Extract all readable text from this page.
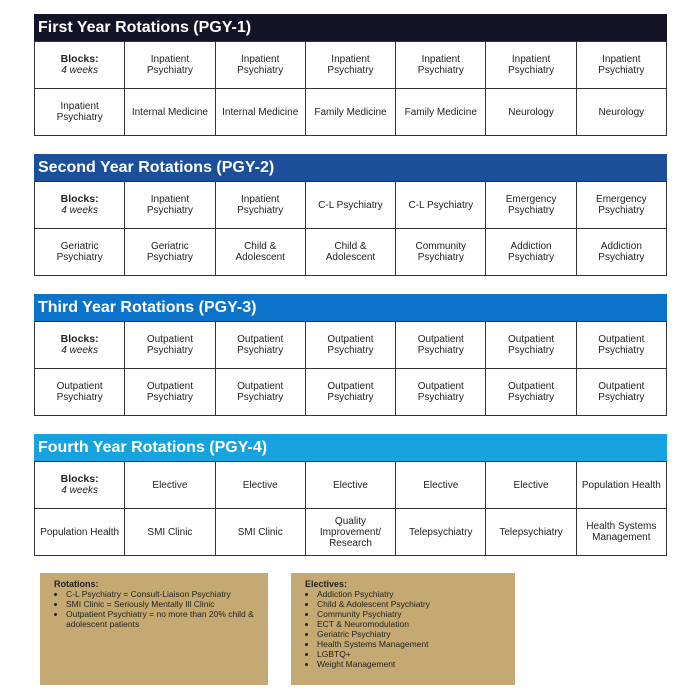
First Year Rotations (PGY-1)
Blocks:
4 weeks	Inpatient Psychiatry	Inpatient Psychiatry	Inpatient Psychiatry	Inpatient Psychiatry	Inpatient Psychiatry	Inpatient Psychiatry
Inpatient Psychiatry	Internal Medicine	Internal Medicine	Family Medicine	Family Medicine	Neurology	Neurology
Second Year Rotations (PGY-2)
Blocks:
4 weeks	Inpatient Psychiatry	Inpatient Psychiatry	C-L Psychiatry	C-L Psychiatry	Emergency Psychiatry	Emergency Psychiatry
Geriatric Psychiatry	Geriatric Psychiatry	Child & Adolescent	Child & Adolescent	Community Psychiatry	Addiction Psychiatry	Addiction Psychiatry
Third Year Rotations (PGY-3)
Blocks:
4 weeks	Outpatient Psychiatry	Outpatient Psychiatry	Outpatient Psychiatry	Outpatient Psychiatry	Outpatient Psychiatry	Outpatient Psychiatry
Outpatient Psychiatry	Outpatient Psychiatry	Outpatient Psychiatry	Outpatient Psychiatry	Outpatient Psychiatry	Outpatient Psychiatry	Outpatient Psychiatry
Fourth Year Rotations (PGY-4)
Blocks:
4 weeks	Elective	Elective	Elective	Elective	Elective	Population Health
Population Health	SMI Clinic	SMI Clinic	Quality Improvement/ Research	Telepsychiatry	Telepsychiatry	Health Systems Management
Rotations:
• C-L Psychiatry = Consult-Liaison Psychiatry
• SMI Clinic = Seriously Mentally Ill Clinic
• Outpatient Psychiatry = no more than 20% child & adolescent patients
Electives:
• Addiction Psychiatry
• Child & Adolescent Psychiatry
• Community Psychiatry
• ECT & Neuromodulation
• Geriatric Psychiatry
• Health Systems Management
• LGBTQ+
• Weight Management
